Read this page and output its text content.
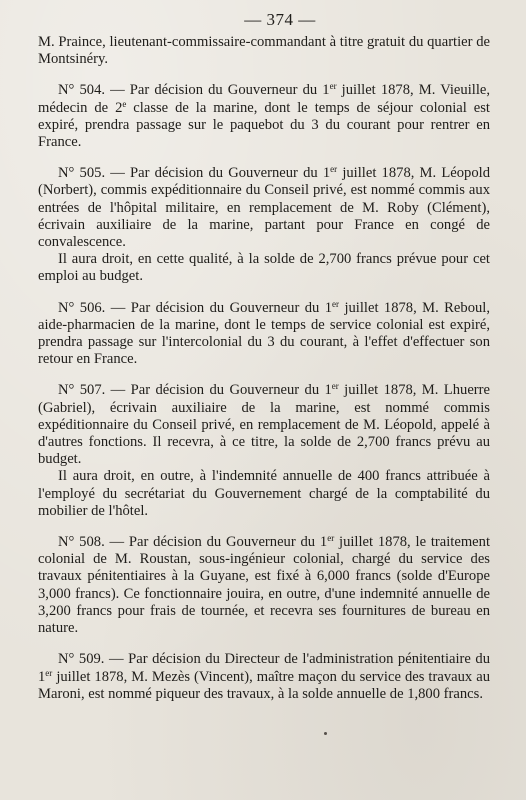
— 374 —

M. Praince, lieutenant-commissaire-commandant à titre gratuit du quartier de Montsinéry.

N° 504. — Par décision du Gouverneur du 1er juillet 1878, M. Vieuille, médecin de 2e classe de la marine, dont le temps de séjour colonial est expiré, prendra passage sur le paquebot du 3 du courant pour rentrer en France.

N° 505. — Par décision du Gouverneur du 1er juillet 1878, M. Léopold (Norbert), commis expéditionnaire du Conseil privé, est nommé commis aux entrées de l'hôpital militaire, en remplacement de M. Roby (Clément), écrivain auxiliaire de la marine, partant pour France en congé de convalescence.

Il aura droit, en cette qualité, à la solde de 2,700 francs prévue pour cet emploi au budget.

N° 506. — Par décision du Gouverneur du 1er juillet 1878, M. Reboul, aide-pharmacien de la marine, dont le temps de service colonial est expiré, prendra passage sur l'intercolonial du 3 du courant, à l'effet d'effectuer son retour en France.

N° 507. — Par décision du Gouverneur du 1er juillet 1878, M. Lhuerre (Gabriel), écrivain auxiliaire de la marine, est nommé commis expéditionnaire du Conseil privé, en remplacement de M. Léopold, appelé à d'autres fonctions. Il recevra, à ce titre, la solde de 2,700 francs prévu au budget.

Il aura droit, en outre, à l'indemnité annuelle de 400 francs attribuée à l'employé du secrétariat du Gouvernement chargé de la comptabilité du mobilier de l'hôtel.

N° 508. — Par décision du Gouverneur du 1er juillet 1878, le traitement colonial de M. Roustan, sous-ingénieur colonial, chargé du service des travaux pénitentiaires à la Guyane, est fixé à 6,000 francs (solde d'Europe 3,000 francs). Ce fonctionnaire jouira, en outre, d'une indemnité annuelle de 3,200 francs pour frais de tournée, et recevra ses fournitures de bureau en nature.

N° 509. — Par décision du Directeur de l'administration pénitentiaire du 1er juillet 1878, M. Mezès (Vincent), maître maçon du service des travaux au Maroni, est nommé piqueur des travaux, à la solde annuelle de 1,800 francs.
